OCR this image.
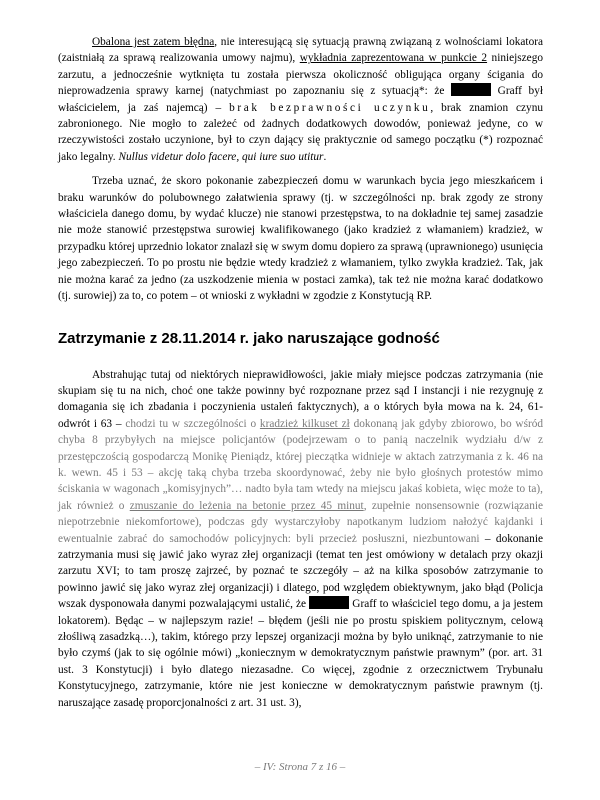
Obalona jest zatem błędna, nie interesującą się sytuacją prawną związaną z wolnościami lokatora (zaistniałą za sprawą realizowania umowy najmu), wykładnia zaprezentowana w punkcie 2 niniejszego zarzutu, a jednocześnie wytknięta tu została pierwsza okoliczność obligująca organy ścigania do nieprowadzenia sprawy karnej (natychmiast po zapoznaniu się z sytuacją*: że	Graff był właścicielem, ja zaś najemcą) – brak bezprawności uczynku, brak znamion czynu zabronionego. Nie mogło to zależeć od żadnych dodatkowych dowodów, ponieważ jedyne, co w rzeczywistości zostało uczynione, był to czyn dający się praktycznie od samego początku (*) rozpoznać jako legalny. Nullus videtur dolo facere, qui iure suo utitur.

Trzeba uznać, że skoro pokonanie zabezpieczeń domu w warunkach bycia jego mieszkańcem i braku warunków do polubownego załatwienia sprawy (tj. w szczególności np. brak zgody ze strony właściciela danego domu, by wydać klucze) nie stanowi przestępstwa, to na dokładnie tej samej zasadzie nie może stanowić przestępstwa surowiej kwalifikowanego (jako kradzież z włamaniem) kradzież, w przypadku której uprzednio lokator znalazł się w swym domu dopiero za sprawą (uprawnionego) usunięcia jego zabezpieczeń. To po prostu nie będzie wtedy kradzież z włamaniem, tylko zwykła kradzież. Tak, jak nie można karać za jedno (za uszkodzenie mienia w postaci zamka), tak też nie można karać dodatkowo (tj. surowiej) za to, co potem – ot wnioski z wykładni w zgodzie z Konstytucją RP.

Zatrzymanie z 28.11.2014 r. jako naruszające godność

Abstrahując tutaj od niektórych nieprawidłowości, jakie miały miejsce podczas zatrzymania (nie skupiam się tu na nich, choć one także powinny być rozpoznane przez sąd I instancji i nie rezygnuję z domagania się ich zbadania i poczynienia ustaleń faktycznych), a o których była mowa na k. 24, 61-odwrót i 63 – chodzi tu w szczególności o kradzież kilkuset zł dokonaną jak gdyby zbiorowo, bo wśród chyba 8 przybyłych na miejsce policjantów (podejrzewam o to panią naczelnik wydziału d/w z przestępczością gospodarczą Monikę Pieniądz, której pieczątka widnieje w aktach zatrzymania z k. 46 na k. wewn. 45 i 53 – akcję taką chyba trzeba skoordynować, żeby nie było głośnych protestów mimo ściskania w wagonach „komisyjnych”… nadto była tam wtedy na miejscu jakaś kobieta, więc może to ta), jak również o zmuszanie do leżenia na betonie przez 45 minut, zupełnie nonsensownie (rozwiązanie niepotrzebnie niekomfortowe), podczas gdy wystarczyłoby napotkanym ludziom nałożyć kajdanki i ewentualnie zabrać do samochodów policyjnych: byli przecież posłuszni, niezbuntowani – dokonanie zatrzymania musi się jawić jako wyraz złej organizacji (temat ten jest omówiony w detalach przy okazji zarzutu XVI; to tam proszę zajrzeć, by poznać te szczegóły – aż na kilka sposobów zatrzymanie to powinno jawić się jako wyraz złej organizacji) i dlatego, pod względem obiektywnym, jako błąd (Policja wszak dysponowała danymi pozwalającymi ustalić, że	Graff to właściciel tego domu, a ja jestem lokatorem). Będąc – w najlepszym razie! – błędem (jeśli nie po prostu spiskiem politycznym, celową złośliwą zasadzką…), takim, którego przy lepszej organizacji można by było uniknąć, zatrzymanie to nie było czymś (jak to się ogólnie mówi) „koniecznym w demokratycznym państwie prawnym” (por. art. 31 ust. 3 Konstytucji) i było dlatego niezasadne. Co więcej, zgodnie z orzecznictwem Trybunału Konstytucyjnego, zatrzymanie, które nie jest konieczne w demokratycznym państwie prawnym (tj. naruszające zasadę proporcjonalności z art. 31 ust. 3),

– IV: Strona 7 z 16 –
